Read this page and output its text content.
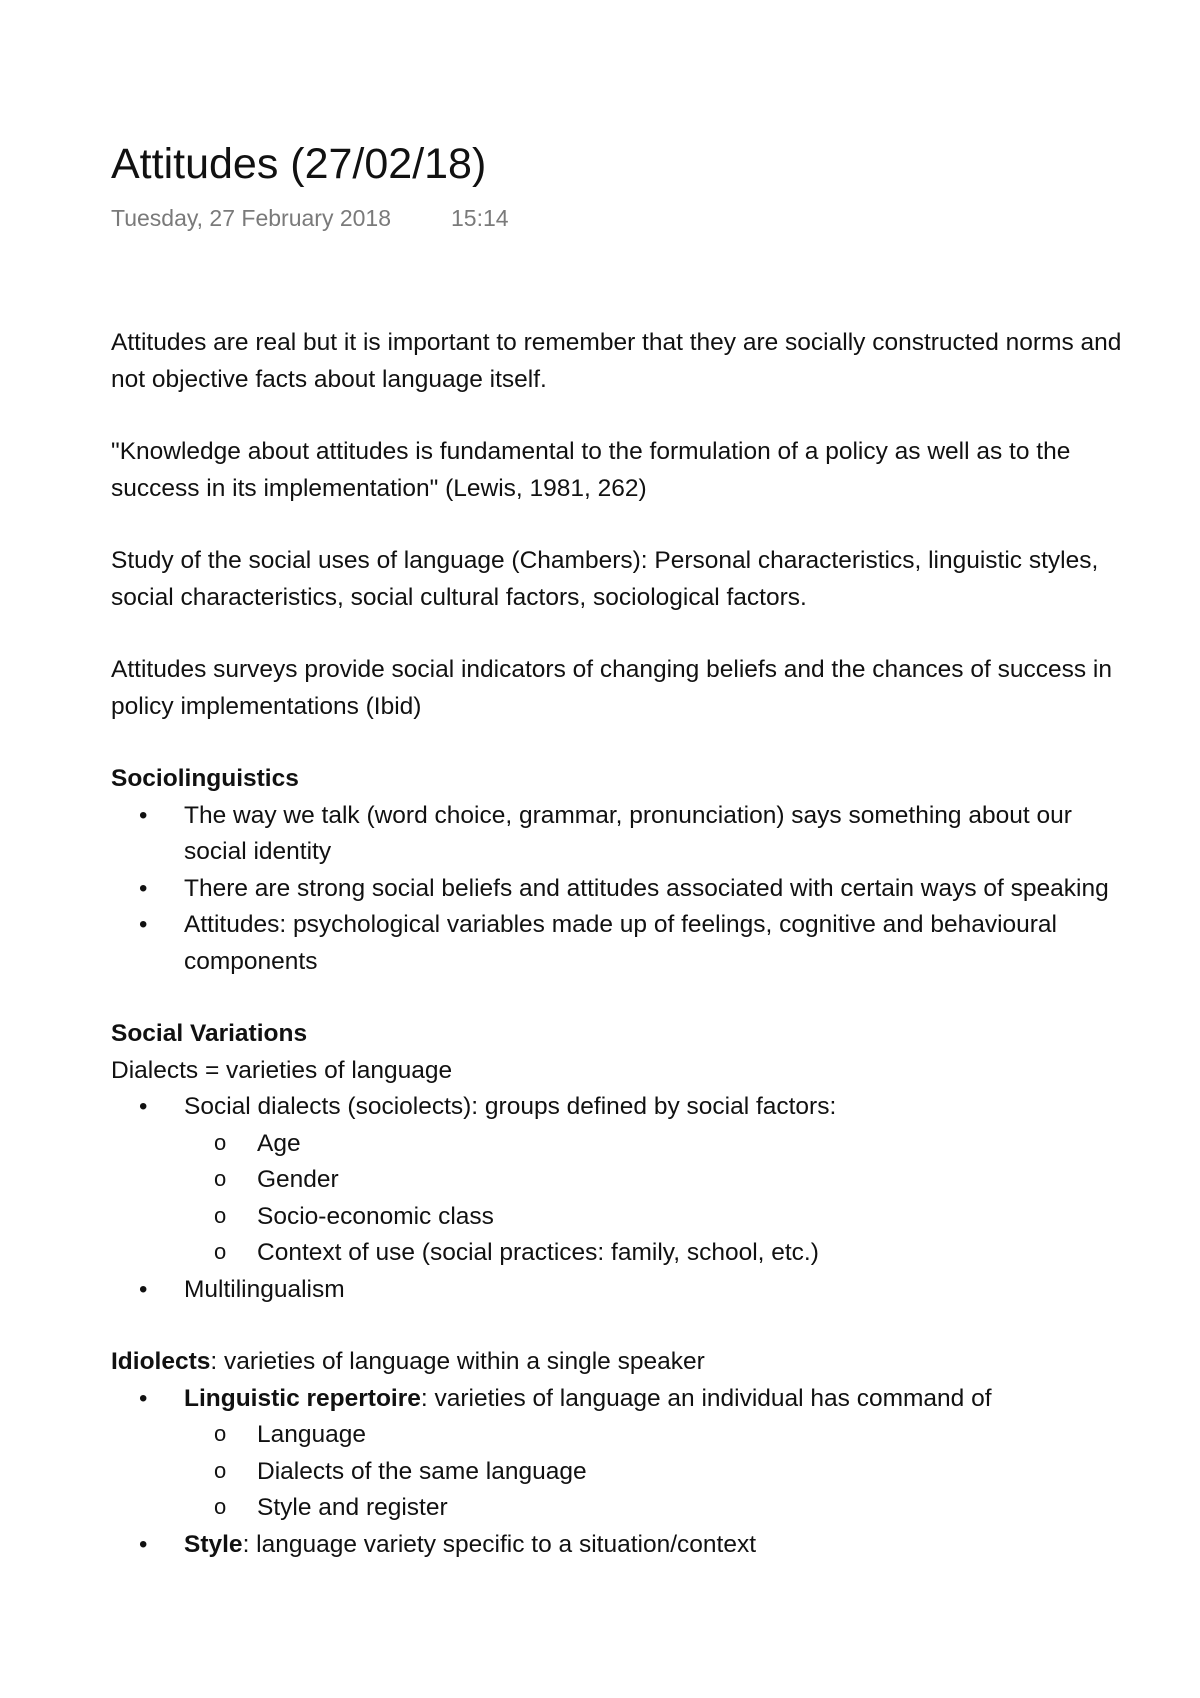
Attitudes (27/02/18)
Tuesday, 27 February 2018	15:14

Attitudes are real but it is important to remember that they are socially constructed norms and not objective facts about language itself.

"Knowledge about attitudes is fundamental to the formulation of a policy as well as to the success in its implementation" (Lewis, 1981, 262)

Study of the social uses of language (Chambers): Personal characteristics, linguistic styles, social characteristics, social cultural factors, sociological factors.

Attitudes surveys provide social indicators of changing beliefs and the chances of success in policy implementations (Ibid)

Sociolinguistics

• The way we talk (word choice, grammar, pronunciation) says something about our social identity
• There are strong social beliefs and attitudes associated with certain ways of speaking
• Attitudes: psychological variables made up of feelings, cognitive and behavioural components

Social Variations

Dialects = varieties of language

• Social dialects (sociolects): groups defined by social factors:
o Age
o Gender
o Socio-economic class
o Context of use (social practices: family, school, etc.)
• Multilingualism

Idiolects: varieties of language within a single speaker

• Linguistic repertoire: varieties of language an individual has command of
o Language
o Dialects of the same language
o Style and register
• Style: language variety specific to a situation/context
